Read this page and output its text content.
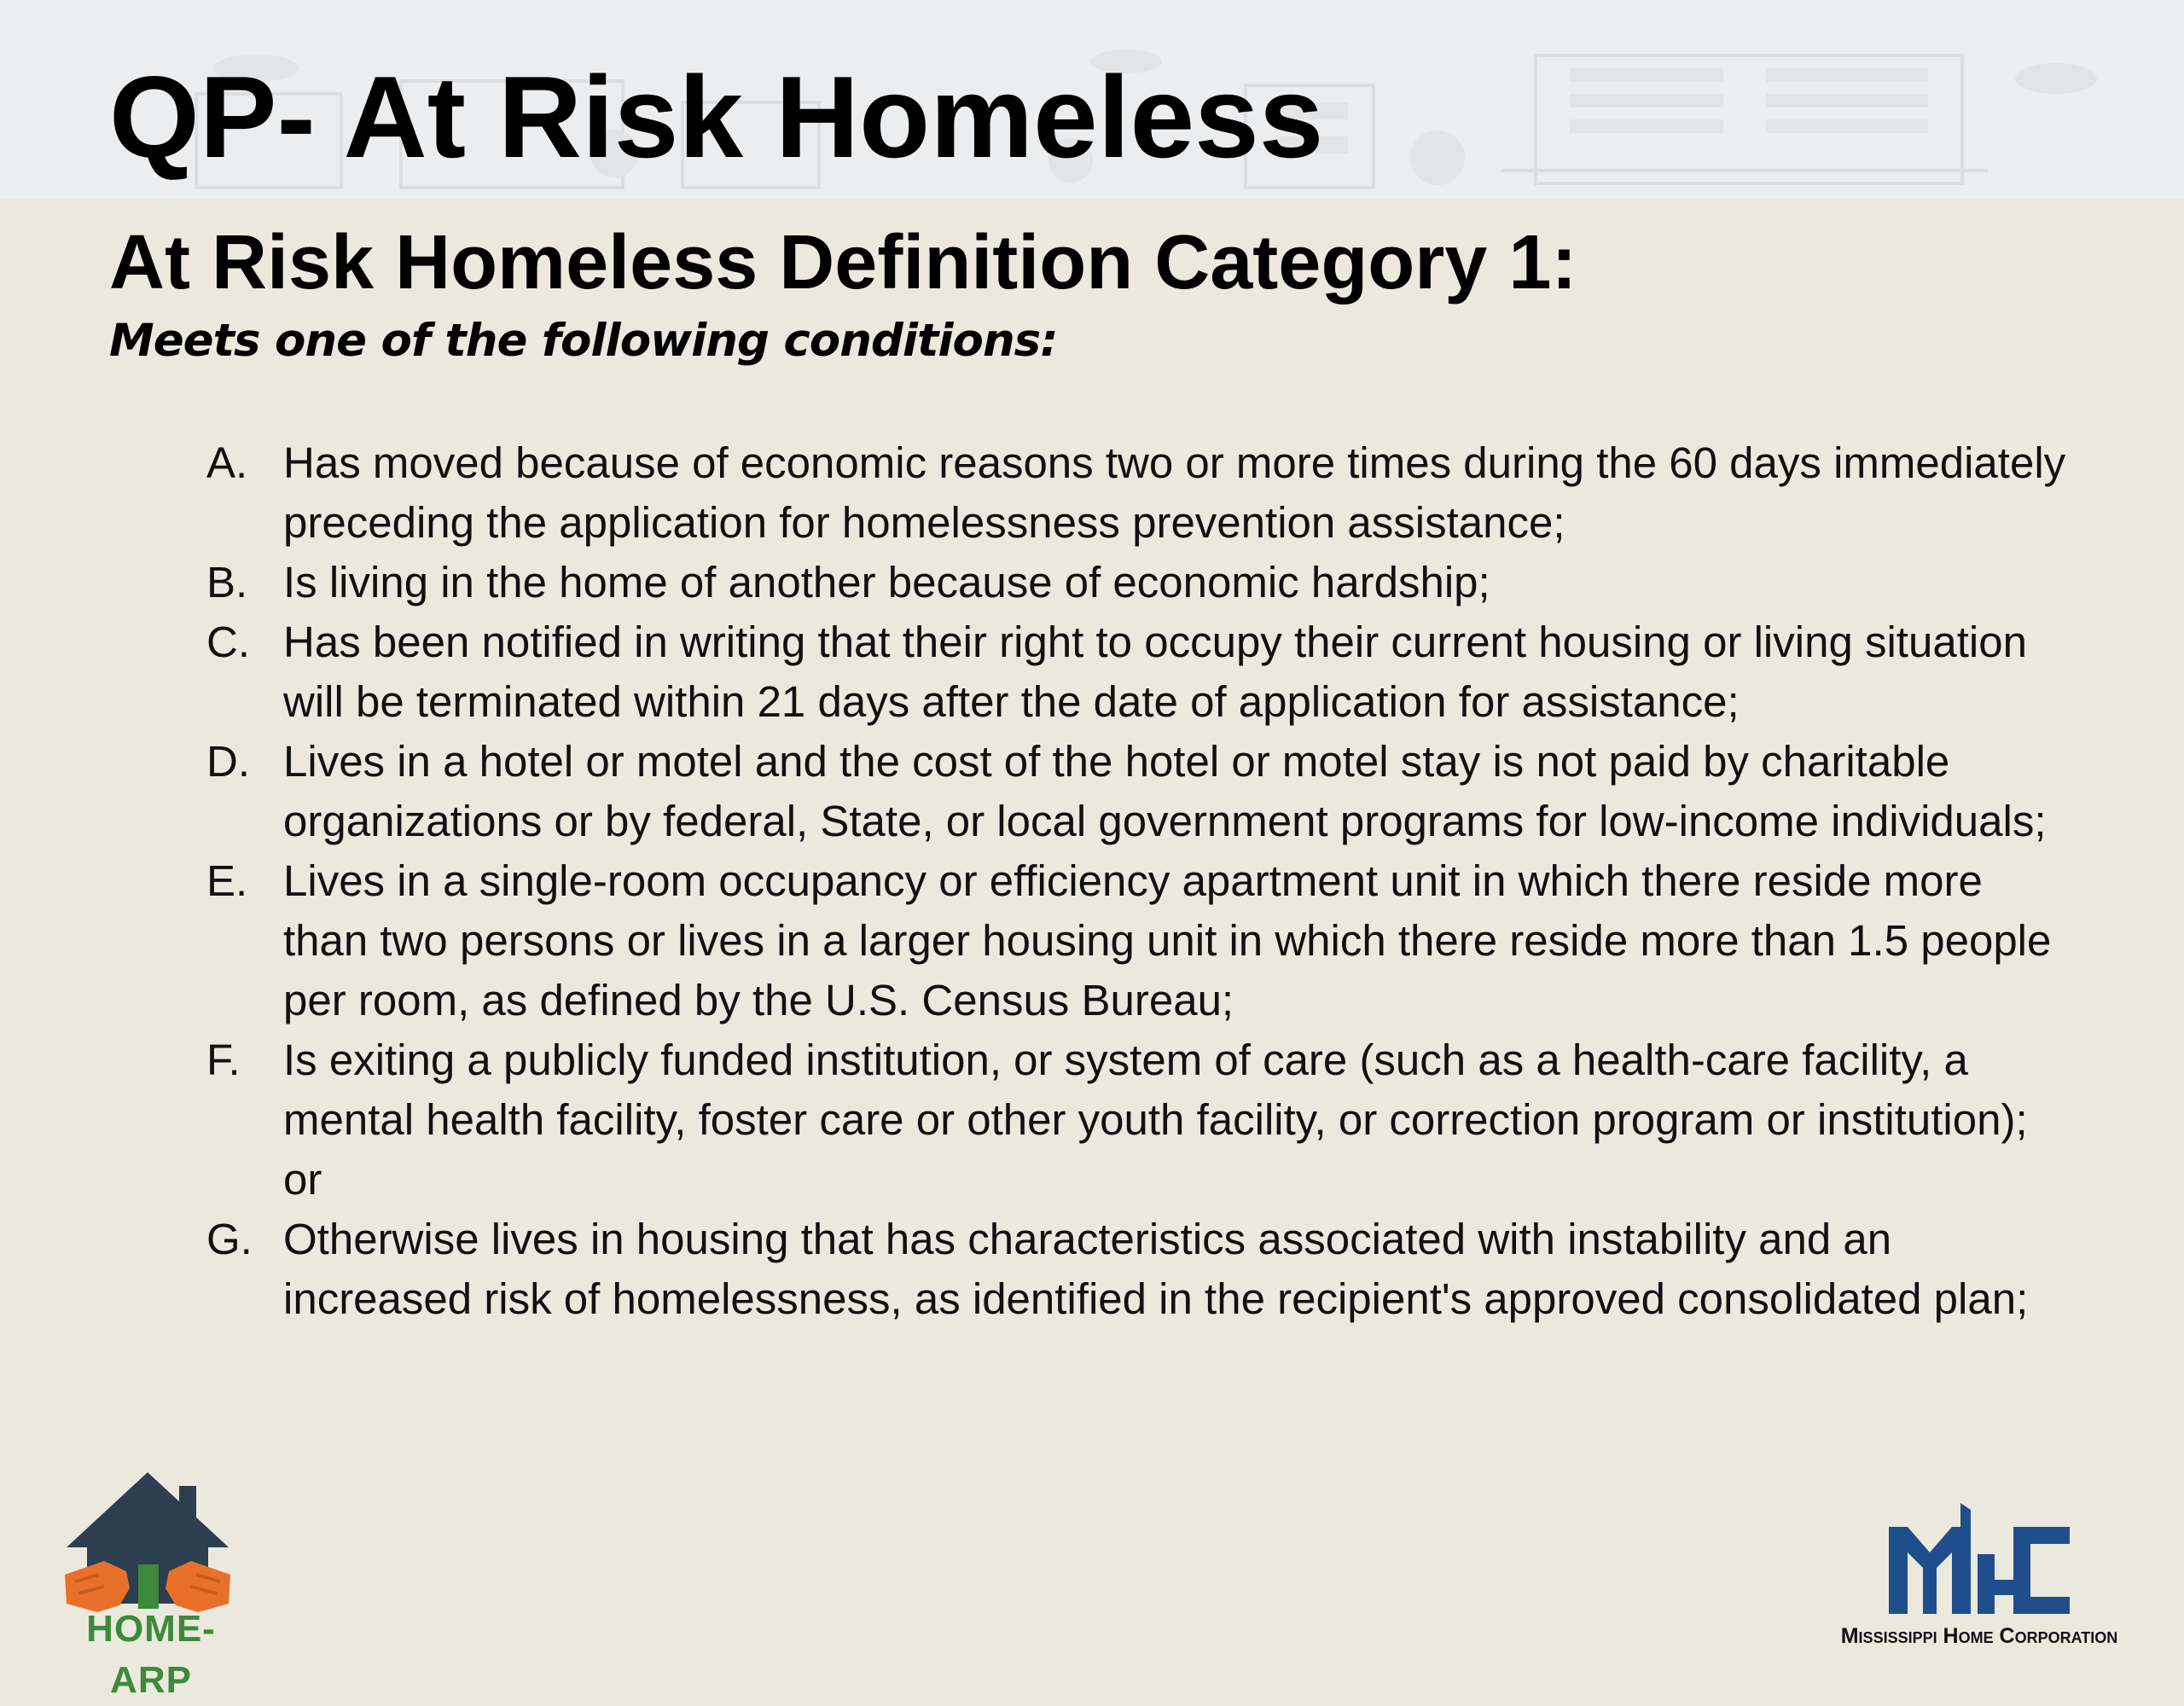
QP- At Risk Homeless
At Risk Homeless Definition Category 1:

Meets one of the following conditions:

A. Has moved because of economic reasons two or more times during the 60 days immediately preceding the application for homelessness prevention assistance;
B. Is living in the home of another because of economic hardship;
C. Has been notified in writing that their right to occupy their current housing or living situation will be terminated within 21 days after the date of application for assistance;
D. Lives in a hotel or motel and the cost of the hotel or motel stay is not paid by charitable organizations or by federal, State, or local government programs for low-income individuals;
E. Lives in a single-room occupancy or efficiency apartment unit in which there reside more than two persons or lives in a larger housing unit in which there reside more than 1.5 people per room, as defined by the U.S. Census Bureau;
F. Is exiting a publicly funded institution, or system of care (such as a health-care facility, a mental health facility, foster care or other youth facility, or correction program or institution); or
G. Otherwise lives in housing that has characteristics associated with instability and an increased risk of homelessness, as identified in the recipient's approved consolidated plan;
HOME-ARP
Mississippi Home Corporation
